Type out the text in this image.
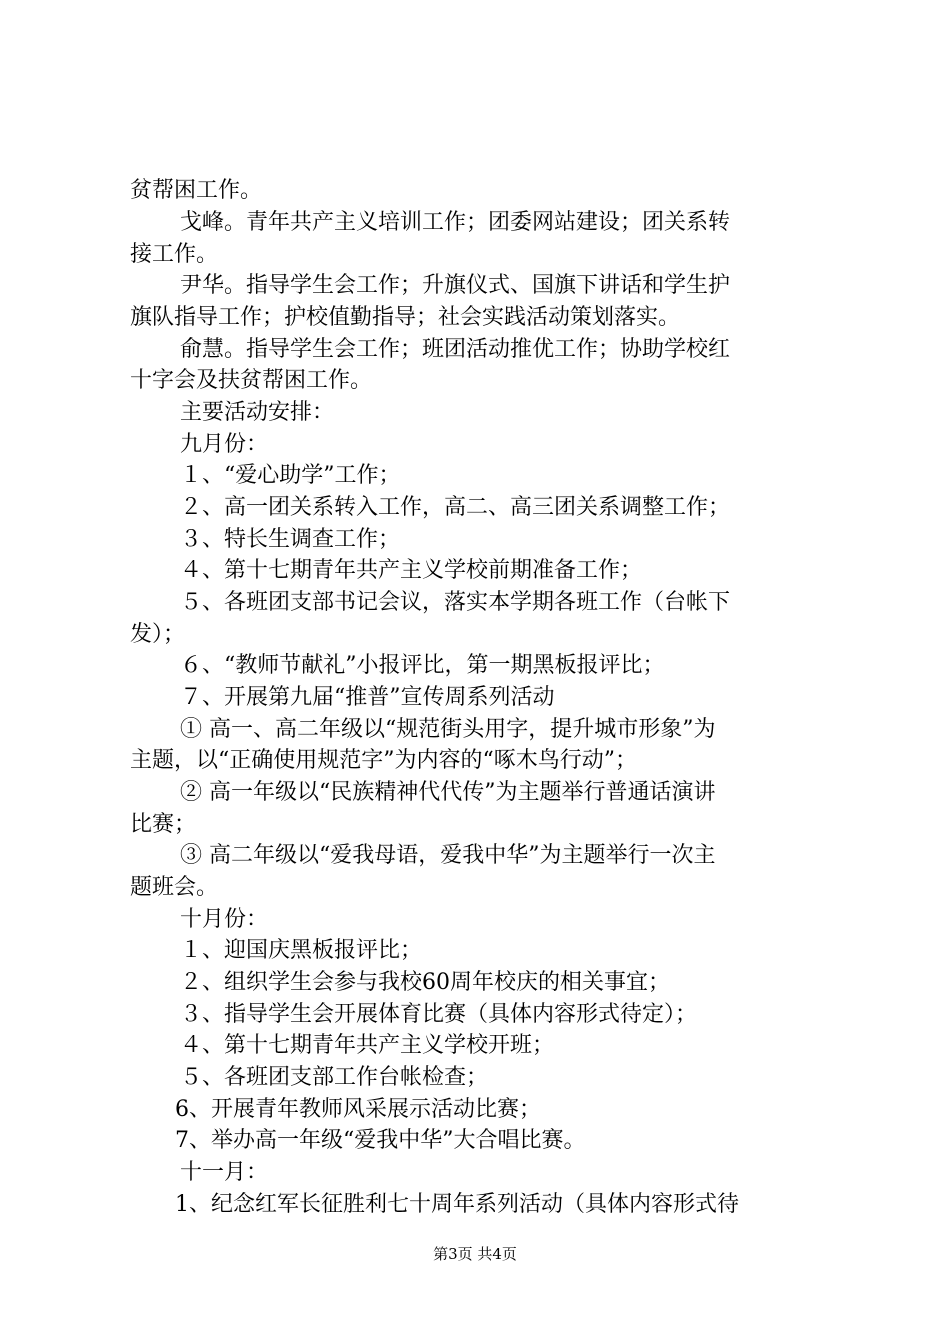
贫帮困工作。
戈峰。青年共产主义培训工作；团委网站建设；团关系转
接工作。
尹华。指导学生会工作；升旗仪式、国旗下讲话和学生护
旗队指导工作；护校值勤指导；社会实践活动策划落实。
俞慧。指导学生会工作；班团活动推优工作；协助学校红
十字会及扶贫帮困工作。
主要活动安排：
九月份：
１、“爱心助学”工作；
２、高一团关系转入工作，高二、高三团关系调整工作；
３、特长生调查工作；
４、第十七期青年共产主义学校前期准备工作；
５、各班团支部书记会议，落实本学期各班工作（台帐下
发）；
６、“教师节献礼”小报评比，第一期黑板报评比；
７、开展第九届“推普”宣传周系列活动
① 高一、高二年级以“规范街头用字，提升城市形象”为
主题，以“正确使用规范字”为内容的“啄木鸟行动”；
② 高一年级以“民族精神代代传”为主题举行普通话演讲
比赛；
③ 高二年级以“爱我母语，爱我中华”为主题举行一次主
题班会。
十月份：
１、迎国庆黑板报评比；
２、组织学生会参与我校60周年校庆的相关事宜；
３、指导学生会开展体育比赛（具体内容形式待定）；
４、第十七期青年共产主义学校开班；
５、各班团支部工作台帐检查；
6、开展青年教师风采展示活动比赛；
7、举办高一年级“爱我中华”大合唱比赛。
十一月：
1、纪念红军长征胜利七十周年系列活动（具体内容形式待
第3页 共4页
